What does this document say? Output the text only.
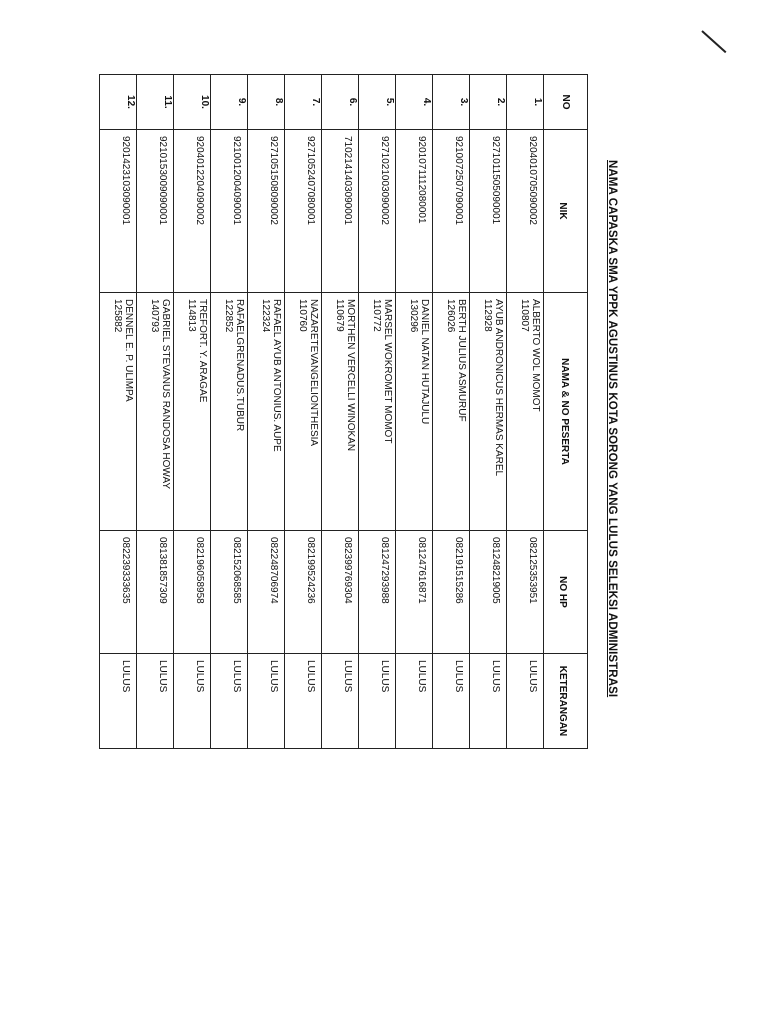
NAMA CAPASKA SMA YPPK AGUSTINUS KOTA SORONG YANG LULUS SELEKSI ADMINISTRASI
NO	NIK	NAMA & NO PESERTA	NO HP	KETERANGAN
1.	9204010705090002	ALBERTO WOL MOMOT
110807	082125353951	LULUS
2.	9271011505090001	AYUB ANDRONICUS HERMAS KAREL
112928	081248219005	LULUS
3.	9210072507090001	BERTH JULIUS ASMURUF
126026	082191515286	LULUS
4.	9201071112080001	DANIEL NATAN HUTAJULU
130296	081247616871	LULUS
5.	9271021003090002	MARSEL WOKROMET MOMOT
110772	081247293988	LULUS
6.	7102141403090001	MORTHEN VERCELLI WINOKAN
110679	082399769304	LULUS
7.	9271052407080001	NAZARETEVANGELIONTHESIA
110760	082199524236	LULUS
8.	9271051508090002	RAFAEL AYUB ANTONIUS. AUPE
122324	082248706974	LULUS
9.	9210012004090001	RAFAELGRENADUS.TUBUR
122852	082152068585	LULUS
10.	9204012204090002	TREFORT. Y. ARAGAE
114813	082196058958	LULUS
11.	9210153009090001	GABRIEL STEVANUS RANDOSA HOWAY
140793	081381857309	LULUS
12.	9201423103090001	DENNEL E. P. ULIMPA
125882	082239333635	LULUS
